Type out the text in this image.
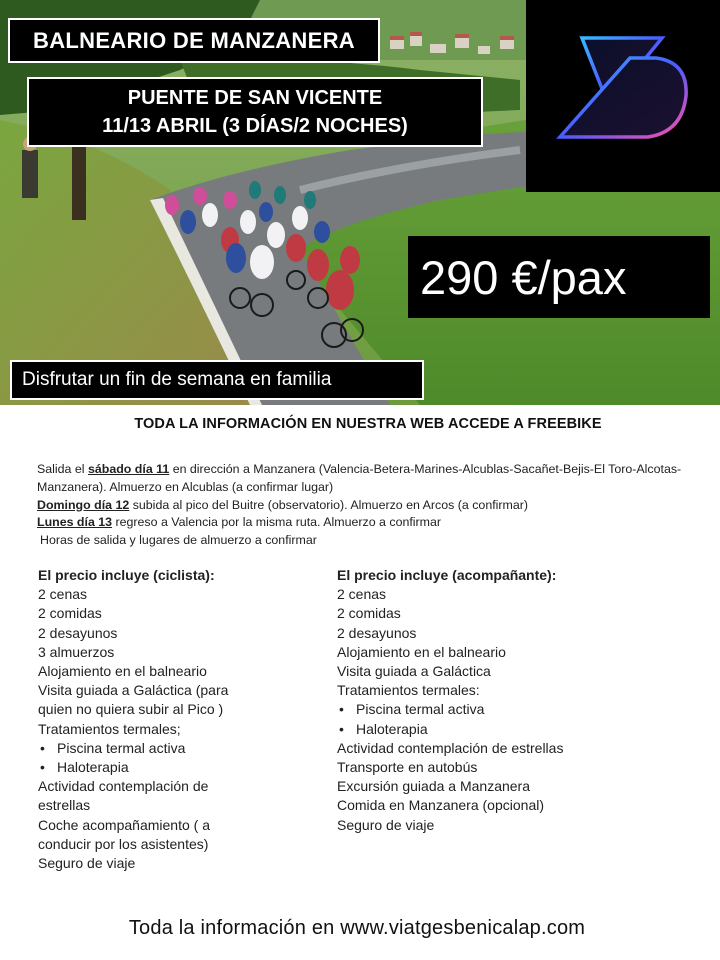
BALNEARIO DE MANZANERA
PUENTE DE SAN VICENTE
11/13 ABRIL (3 DÍAS/2 NOCHES)
290 €/pax
Disfrutar un fin de semana en familia
TODA LA INFORMACIÓN EN NUESTRA WEB ACCEDE A FREEBIKE

Salida el sábado día 11 en dirección a Manzanera (Valencia-Betera-Marines-Alcublas-Sacañet-Bejis-El Toro-Alcotas-Manzanera). Almuerzo en Alcublas (a confirmar lugar)

Domingo día 12 subida al pico del Buitre (observatorio). Almuerzo en Arcos (a confirmar)

Lunes día 13 regreso a Valencia por la misma ruta. Almuerzo a confirmar

Horas de salida y lugares de almuerzo a confirmar

El precio incluye (ciclista):
2 cenas
2 comidas
2 desayunos
3 almuerzos
Alojamiento en el balneario
Visita guiada a Galáctica (para quien no quiera subir al Pico )
Tratamientos termales;
• Piscina termal activa
• Haloterapia
Actividad contemplación de estrellas
Coche acompañamiento ( a conducir por los asistentes)
Seguro de viaje
El precio incluye (acompañante):
2 cenas
2 comidas
2 desayunos
Alojamiento en el balneario
Visita guiada a Galáctica
Tratamientos termales:
• Piscina termal activa
• Haloterapia
Actividad contemplación de estrellas
Transporte en autobús
Excursión guiada a Manzanera
Comida en Manzanera (opcional)
Seguro de viaje
Toda la información en www.viatgesbenicalap.com
